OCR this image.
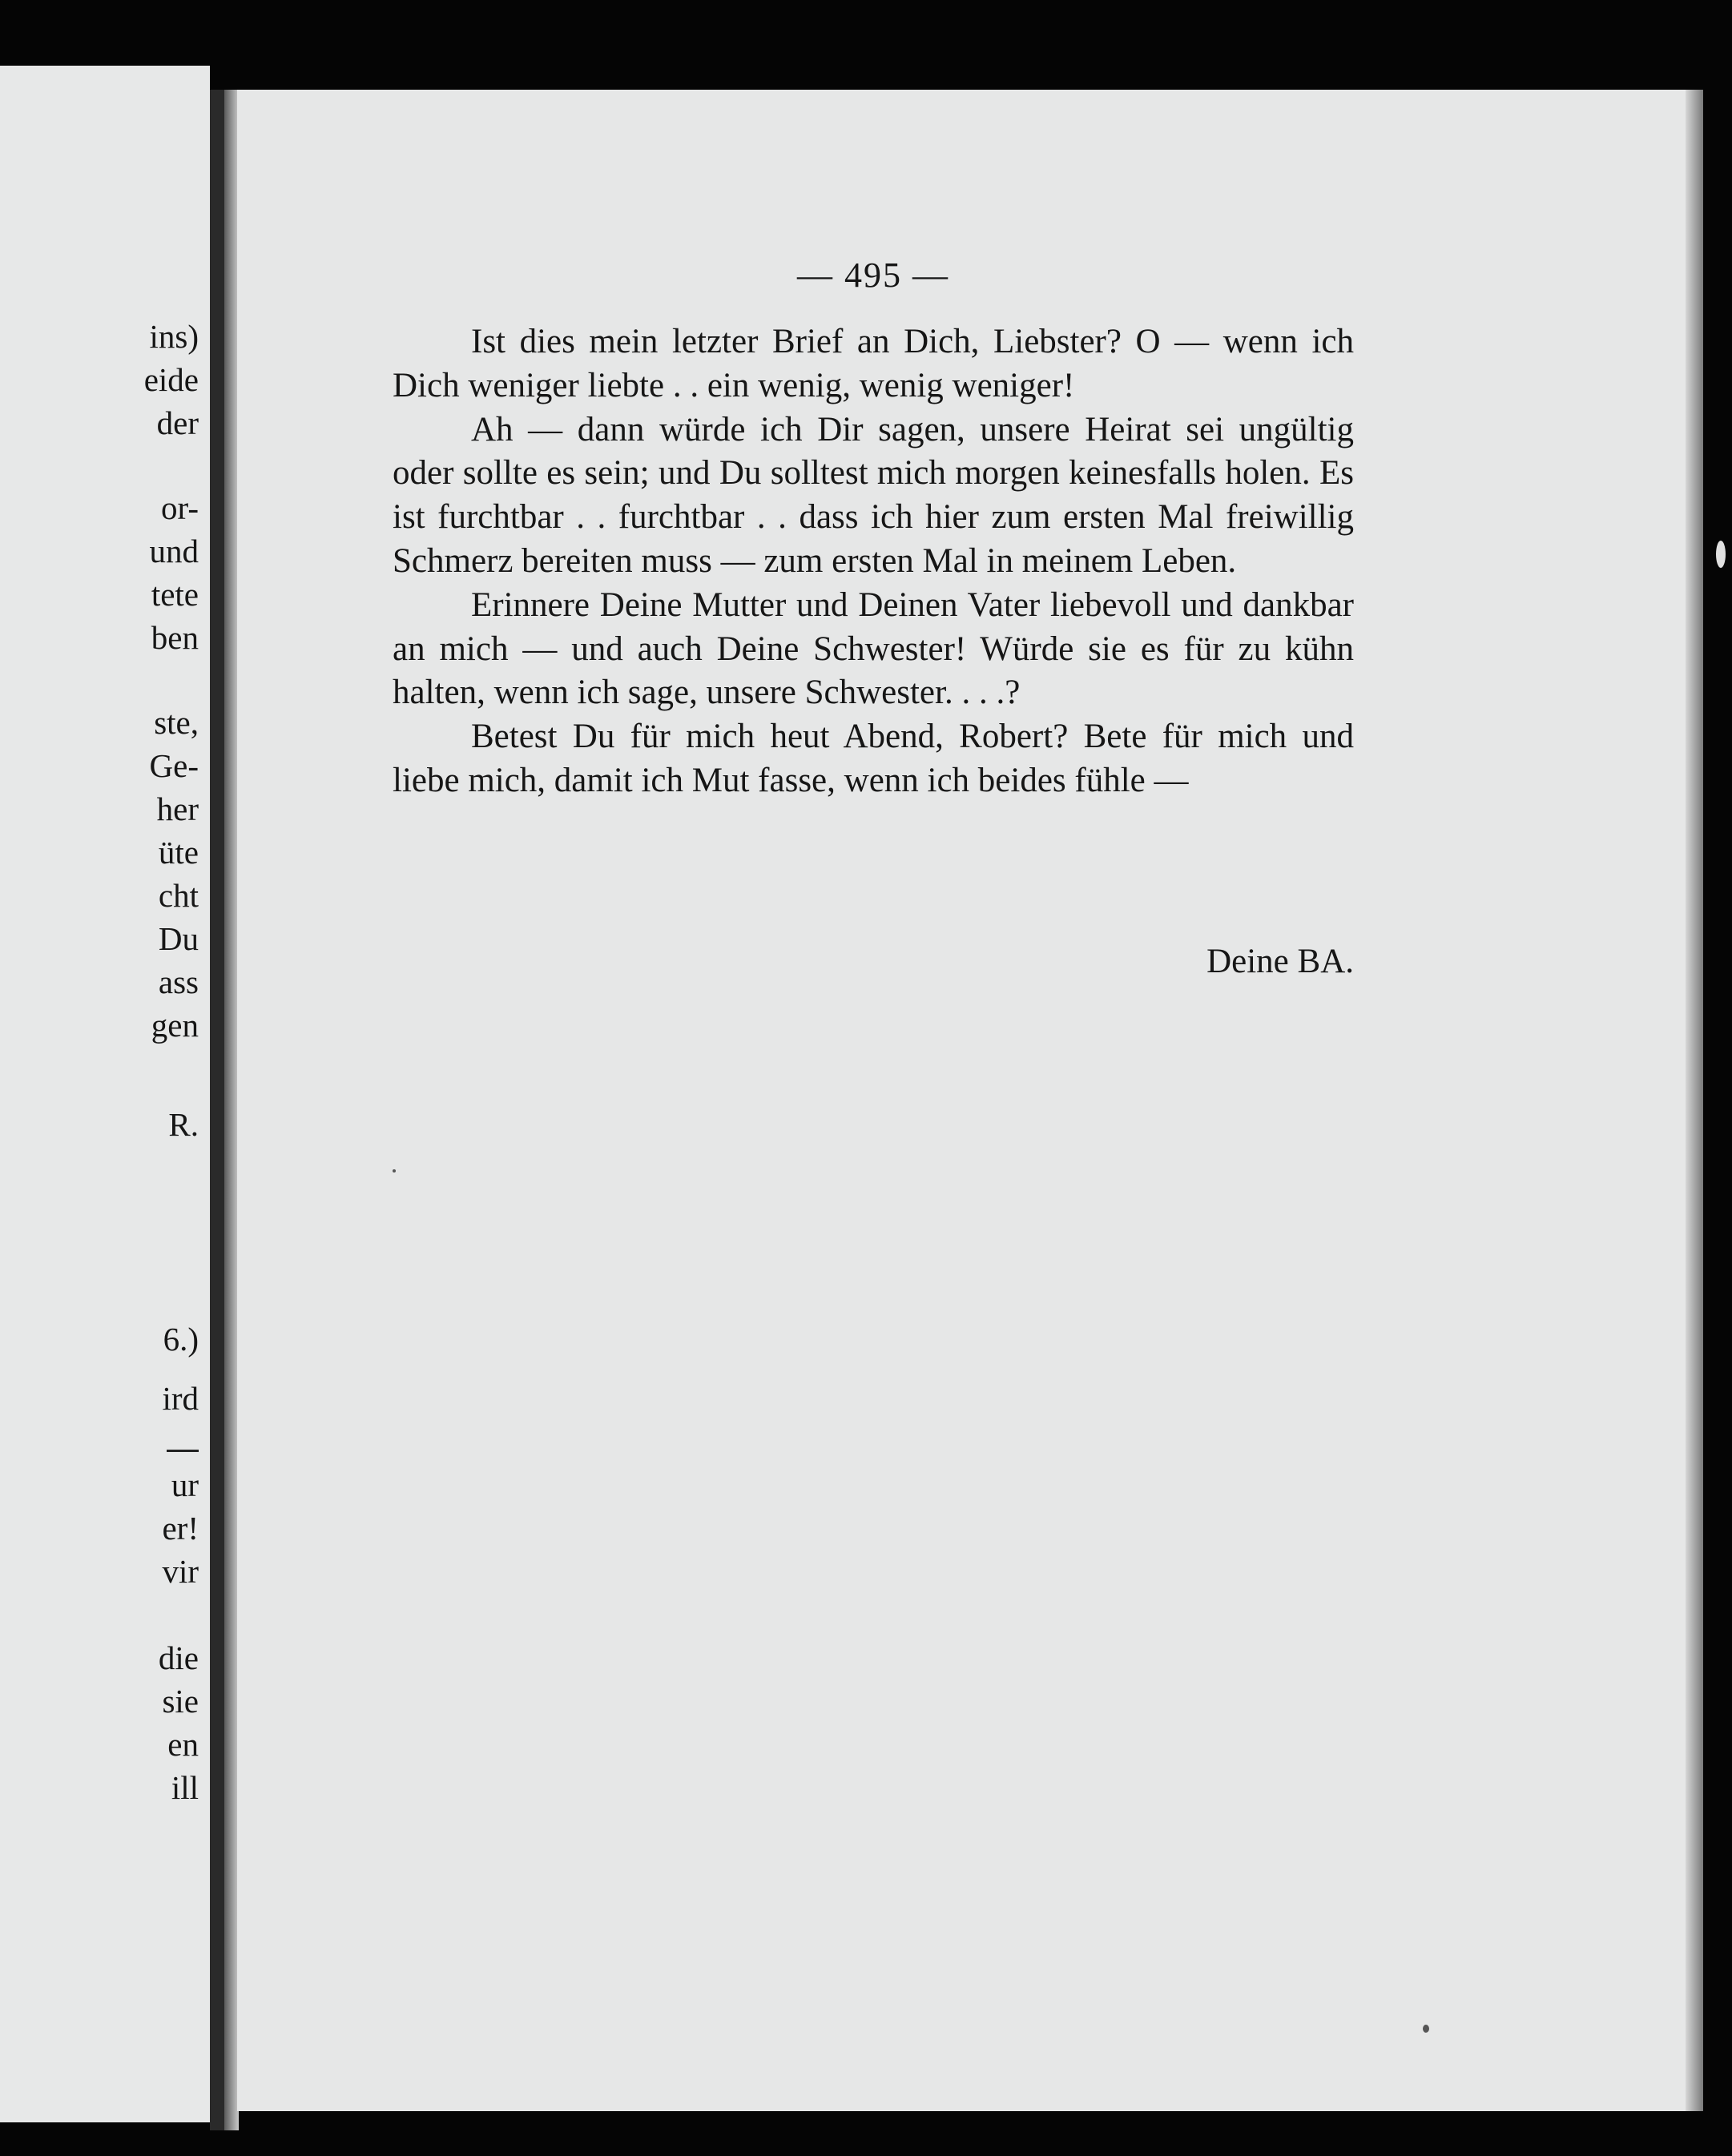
ins)
eide
der
or-
und
tete
ben
ste,
Ge-
her
üte
cht
Du
ass
gen
R.
6.)
ird
ur
er!
vir
die
sie
en
ill
— 495 —

Ist dies mein letzter Brief an Dich, Liebster? O — wenn ich Dich weniger liebte . . ein wenig, wenig weniger!

Ah — dann würde ich Dir sagen, unsere Heirat sei ungültig oder sollte es sein; und Du solltest mich morgen keinesfalls holen. Es ist furchtbar . . furchtbar . . dass ich hier zum ersten Mal freiwillig Schmerz bereiten muss — zum ersten Mal in meinem Leben.

Erinnere Deine Mutter und Deinen Vater liebevoll und dankbar an mich — und auch Deine Schwester! Würde sie es für zu kühn halten, wenn ich sage, unsere Schwester. . . .?

Betest Du für mich heut Abend, Robert? Bete für mich und liebe mich, damit ich Mut fasse, wenn ich beides fühle —

Deine BA.
